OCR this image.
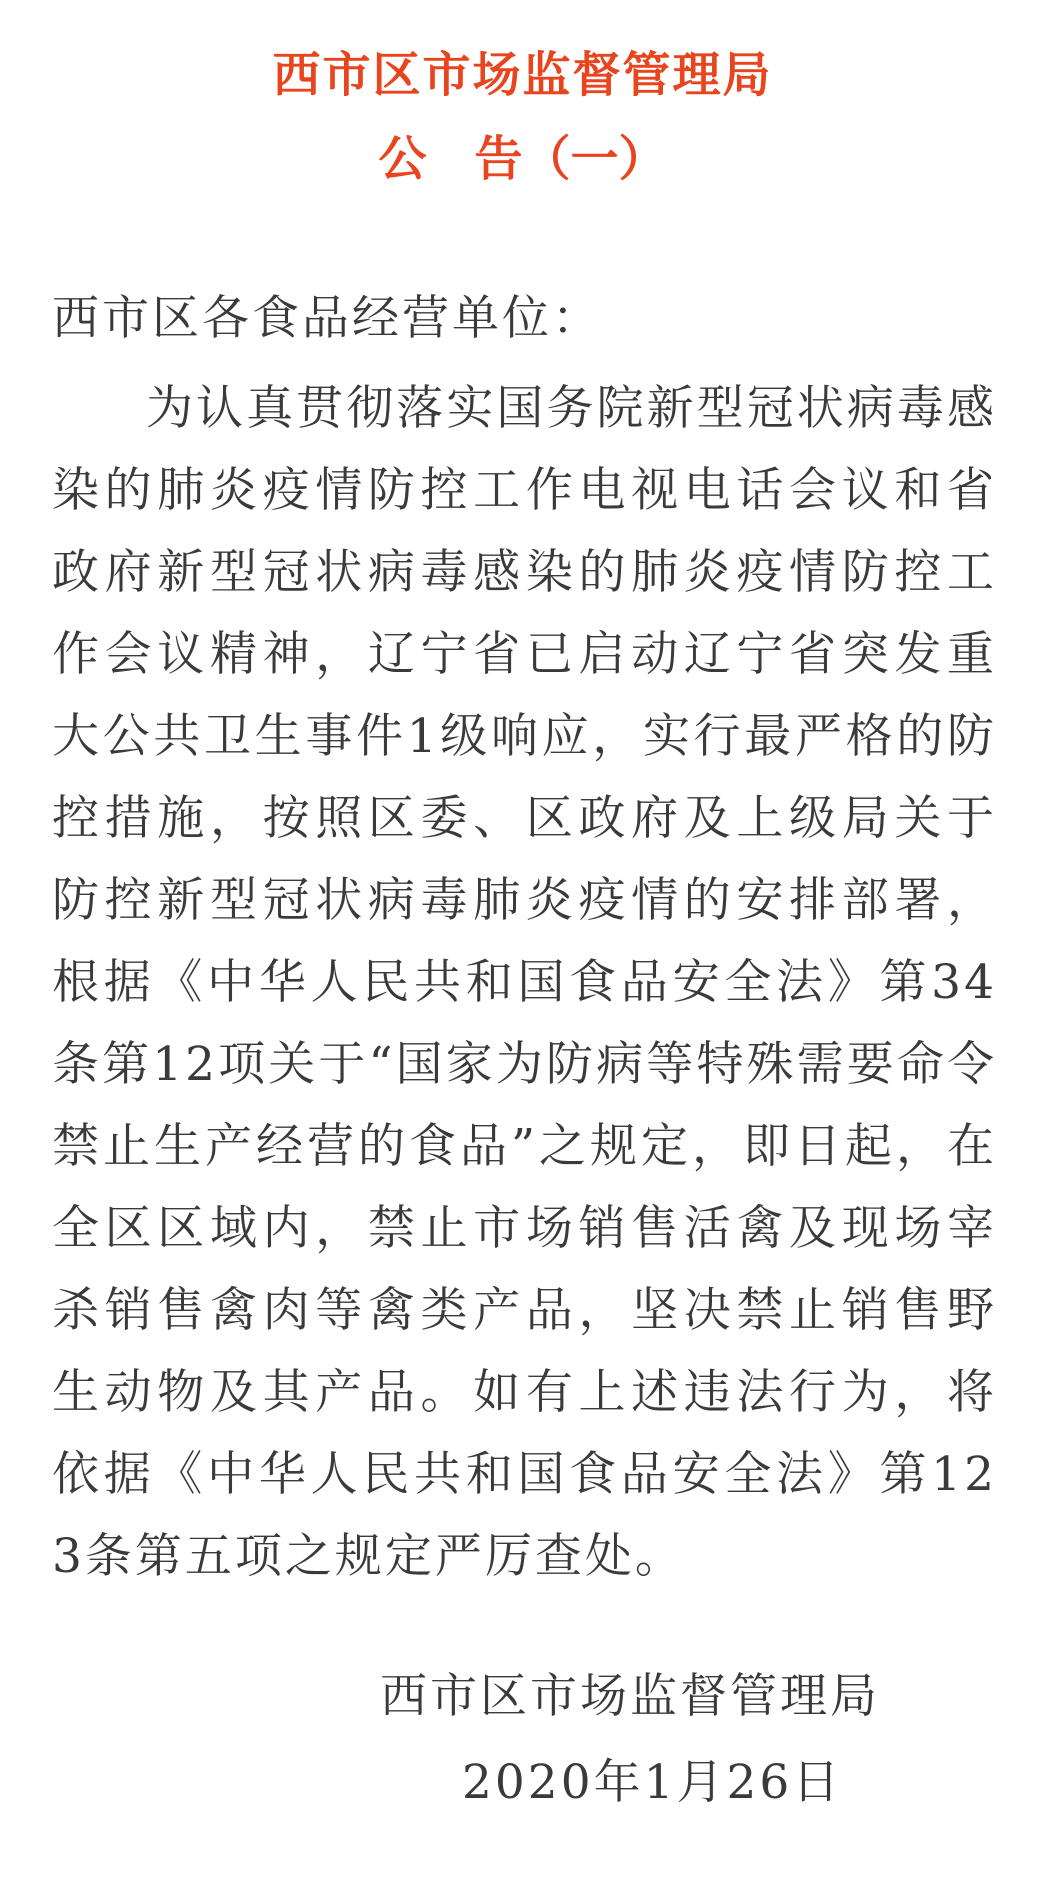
西市区市场监督管理局
公　告（一）
西市区各食品经营单位：
为认真贯彻落实国务院新型冠状病毒感染的肺炎疫情防控工作电视电话会议和省政府新型冠状病毒感染的肺炎疫情防控工作会议精神，辽宁省已启动辽宁省突发重大公共卫生事件1级响应，实行最严格的防控措施，按照区委、区政府及上级局关于防控新型冠状病毒肺炎疫情的安排部署，根据《中华人民共和国食品安全法》第34条第12项关于“国家为防病等特殊需要命令禁止生产经营的食品”之规定，即日起，在全区区域内，禁止市场销售活禽及现场宰杀销售禽肉等禽类产品，坚决禁止销售野生动物及其产品。如有上述违法行为，将依据《中华人民共和国食品安全法》第123条第五项之规定严厉查处。
西市区市场监督管理局
2020年1月26日
